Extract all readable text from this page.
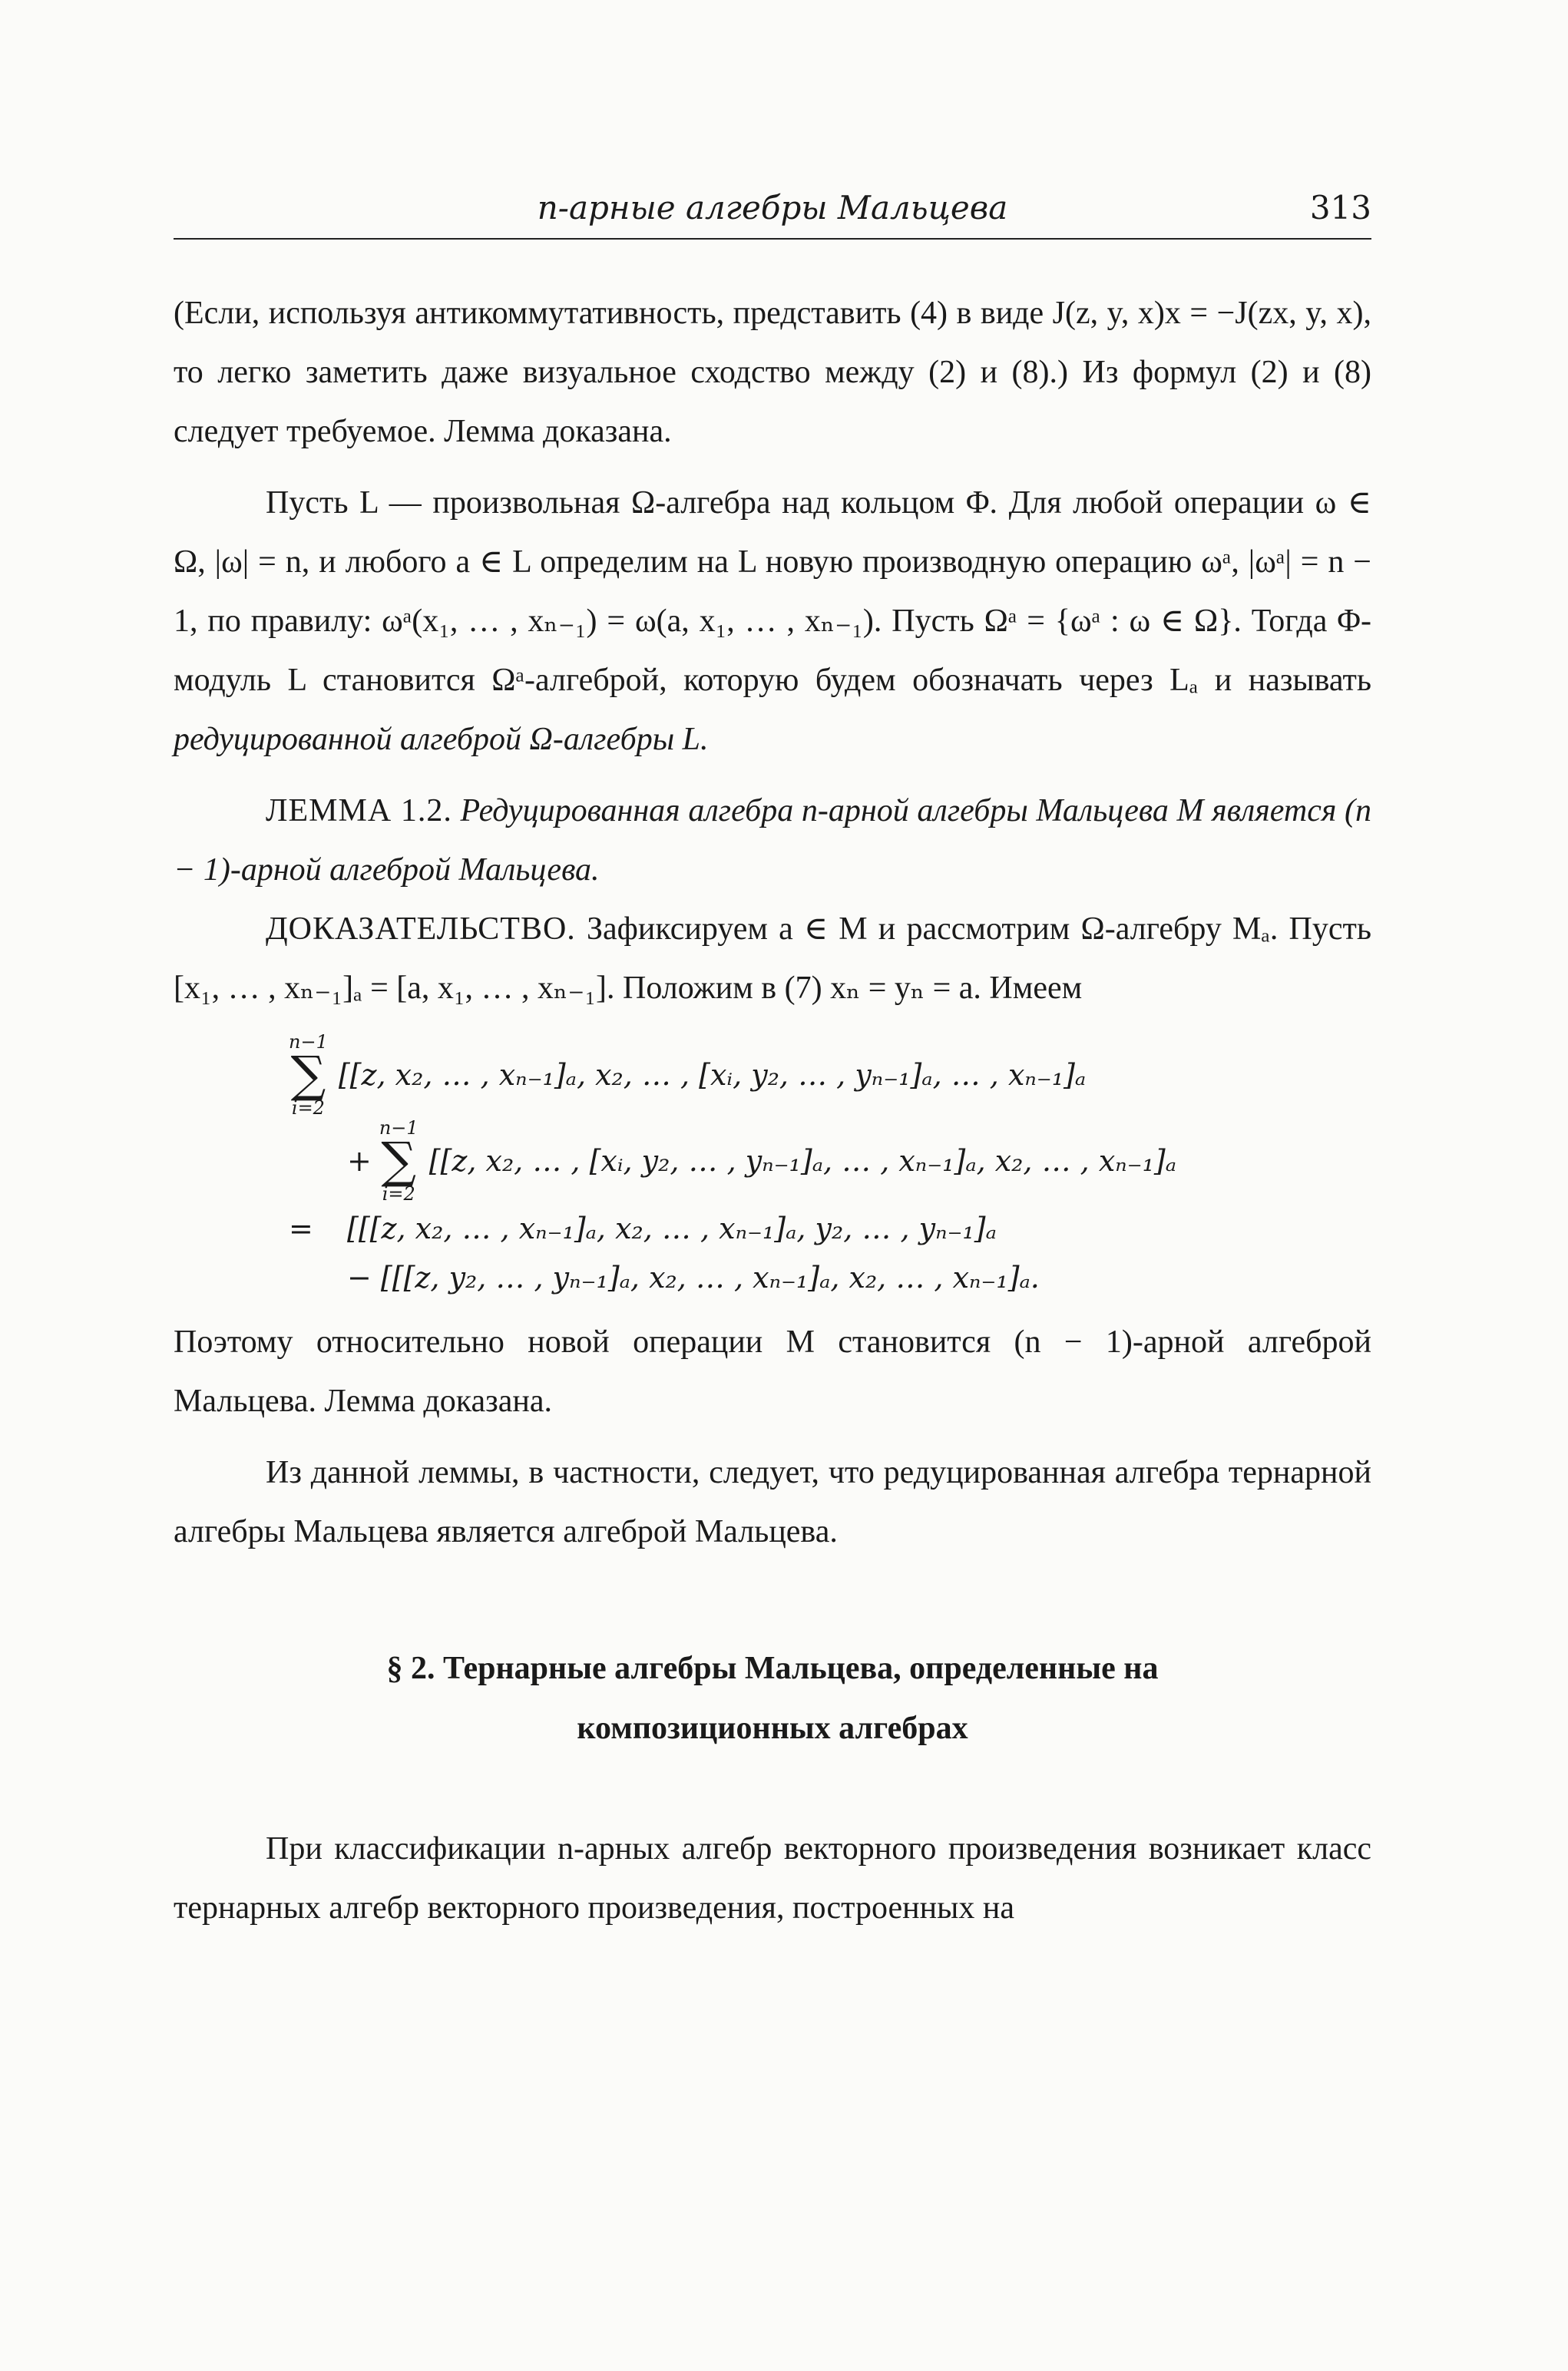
n-арные алгебры Мальцева	313

(Если, используя антикоммутативность, представить (4) в виде J(z, y, x)x = −J(zx, y, x), то легко заметить даже визуальное сходство между (2) и (8).) Из формул (2) и (8) следует требуемое. Лемма доказана.

Пусть L — произвольная Ω-алгебра над кольцом Φ. Для любой операции ω ∈ Ω, |ω| = n, и любого a ∈ L определим на L новую производную операцию ωᵃ, |ωᵃ| = n − 1, по правилу: ωᵃ(x₁, … , xₙ₋₁) = ω(a, x₁, … , xₙ₋₁). Пусть Ωᵃ = {ωᵃ : ω ∈ Ω}. Тогда Φ-модуль L становится Ωᵃ-алгеброй, которую будем обозначать через Lₐ и называть редуцированной алгеброй Ω-алгебры L.

ЛЕММА 1.2. Редуцированная алгебра n-арной алгебры Мальцева M является (n − 1)-арной алгеброй Мальцева.

ДОКАЗАТЕЛЬСТВО. Зафиксируем a ∈ M и рассмотрим Ω-алгебру Mₐ. Пусть [x₁, … , xₙ₋₁]ₐ = [a, x₁, … , xₙ₋₁]. Положим в (7) xₙ = yₙ = a. Имеем

n−1
∑
i=2
[[z, x₂, … , xₙ₋₁]ₐ, x₂, … , [xᵢ, y₂, … , yₙ₋₁]ₐ, … , xₙ₋₁]ₐ
+
n−1
∑
i=2
[[z, x₂, … , [xᵢ, y₂, … , yₙ₋₁]ₐ, … , xₙ₋₁]ₐ, x₂, … , xₙ₋₁]ₐ
=	[[[z, x₂, … , xₙ₋₁]ₐ, x₂, … , xₙ₋₁]ₐ, y₂, … , yₙ₋₁]ₐ
− [[[z, y₂, … , yₙ₋₁]ₐ, x₂, … , xₙ₋₁]ₐ, x₂, … , xₙ₋₁]ₐ.

Поэтому относительно новой операции M становится (n − 1)-арной алгеброй Мальцева. Лемма доказана.

Из данной леммы, в частности, следует, что редуцированная алгебра тернарной алгебры Мальцева является алгеброй Мальцева.

§ 2. Тернарные алгебры Мальцева, определенные на
композиционных алгебрах

При классификации n-арных алгебр векторного произведения возникает класс тернарных алгебр векторного произведения, построенных на
